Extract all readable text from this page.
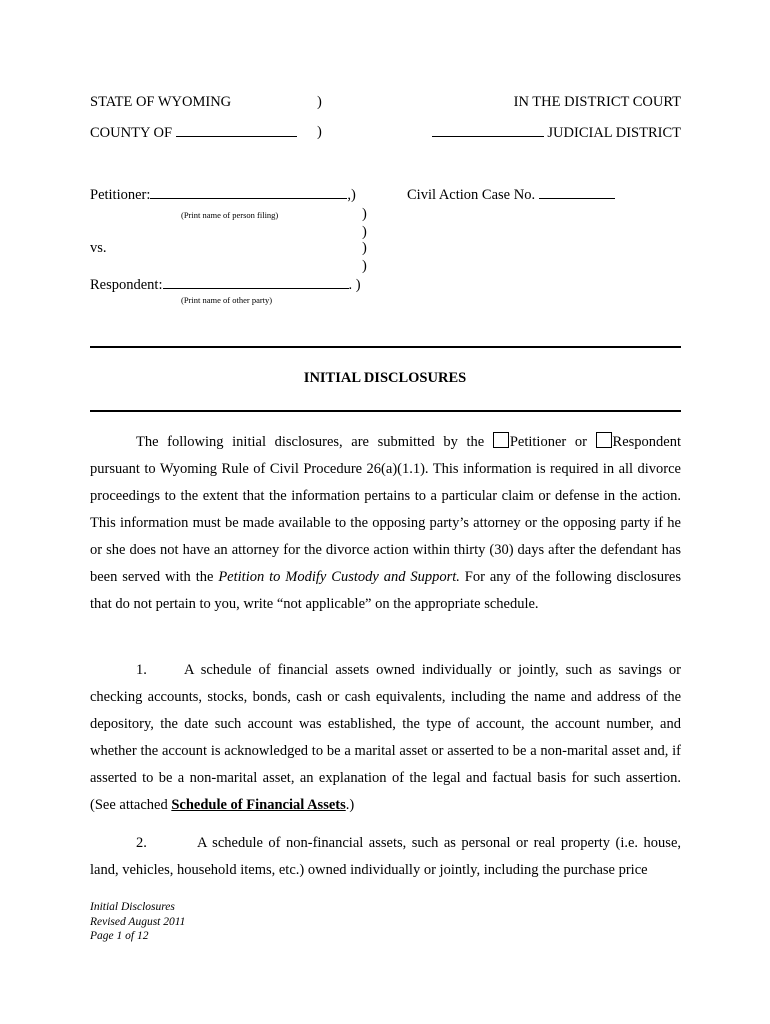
STATE OF WYOMING	)	IN THE DISTRICT COURT
COUNTY OF	)	JUDICIAL DISTRICT
Petitioner:	,)
(Print name of person filing)	)
)
vs.	)
)
Respondent:	. )
(Print name of other party)
Civil Action Case No.
INITIAL DISCLOSURES
The following initial disclosures, are submitted by the Petitioner or Respondent pursuant to Wyoming Rule of Civil Procedure 26(a)(1.1). This information is required in all divorce proceedings to the extent that the information pertains to a particular claim or defense in the action. This information must be made available to the opposing party’s attorney or the opposing party if he or she does not have an attorney for the divorce action within thirty (30) days after the defendant has been served with the Petition to Modify Custody and Support. For any of the following disclosures that do not pertain to you, write “not applicable” on the appropriate schedule.
1.	A schedule of financial assets owned individually or jointly, such as savings or checking accounts, stocks, bonds, cash or cash equivalents, including the name and address of the depository, the date such account was established, the type of account, the account number, and whether the account is acknowledged to be a marital asset or asserted to be a non-marital asset and, if asserted to be a non-marital asset, an explanation of the legal and factual basis for such assertion. (See attached Schedule of Financial Assets.)
2.	A schedule of non-financial assets, such as personal or real property (i.e. house, land, vehicles, household items, etc.) owned individually or jointly, including the purchase price
Initial Disclosures
Revised August 2011
Page 1 of 12
